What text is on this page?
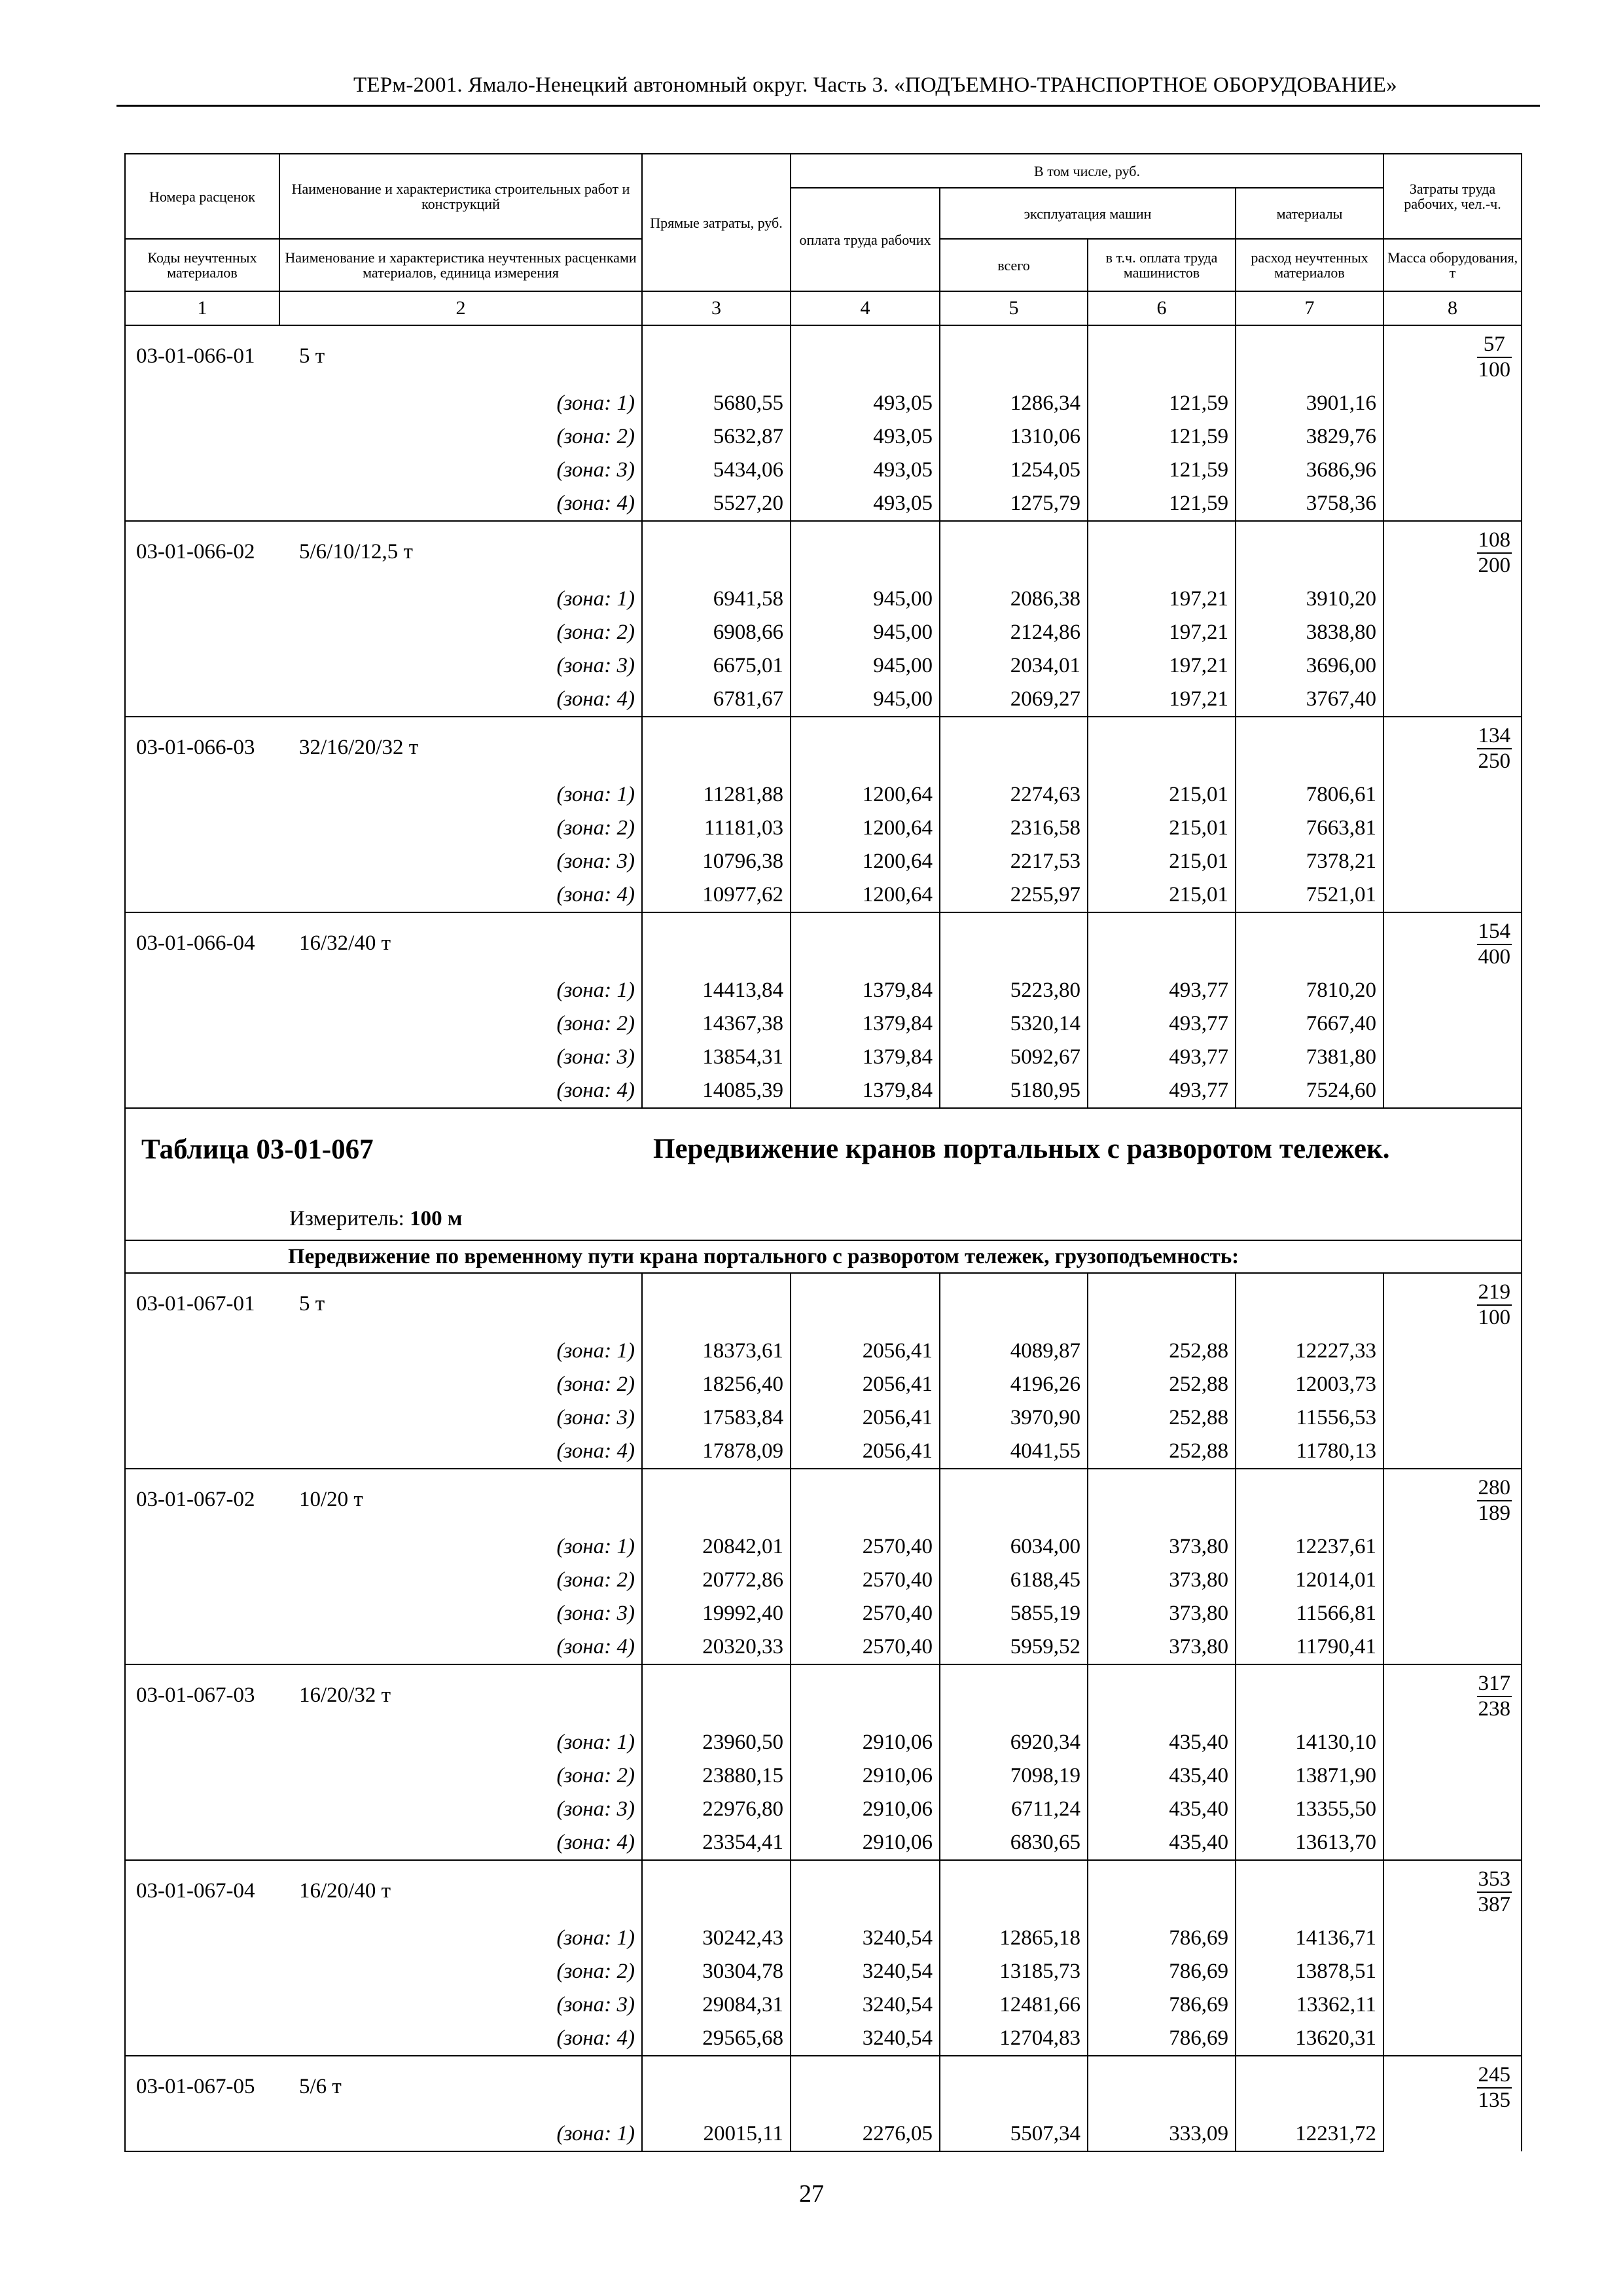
ТЕРм-2001. Ямало-Ненецкий автономный округ. Часть 3. «ПОДЪЕМНО-ТРАНСПОРТНОЕ ОБОРУДОВАНИЕ»
Номера расценок	Наименование и характеристика строительных работ и конструкций	Прямые затраты, руб.	В том числе, руб.				Затраты труда рабочих, чел.-ч.
			оплата труда рабочих	эксплуатация машин		материалы	
Коды неучтенных материалов	Наименование и характеристика неучтенных расценками материалов, единица измерения			всего	в т.ч. оплата труда машинистов	расход неучтенных материалов	Масса оборудования, т
1	2	3	4	5	6	7	8
03-01-066-01	5 т						$\frac{57}{100}$

	(зона: 1)	5680,55	493,05	1286,34	121,59	3901,16	
	(зона: 2)	5632,87	493,05	1310,06	121,59	3829,76	
	(зона: 3)	5434,06	493,05	1254,05	121,59	3686,96	
	(зона: 4)	5527,20	493,05	1275,79	121,59	3758,36	
03-01-066-02	5/6/10/12,5 т						$\frac{108}{200}$

	(зона: 1)	6941,58	945,00	2086,38	197,21	3910,20	
	(зона: 2)	6908,66	945,00	2124,86	197,21	3838,80	
	(зона: 3)	6675,01	945,00	2034,01	197,21	3696,00	
	(зона: 4)	6781,67	945,00	2069,27	197,21	3767,40	
03-01-066-03	32/16/20/32 т						$\frac{134}{250}$

	(зона: 1)	11281,88	1200,64	2274,63	215,01	7806,61	
	(зона: 2)	11181,03	1200,64	2316,58	215,01	7663,81	
	(зона: 3)	10796,38	1200,64	2217,53	215,01	7378,21	
	(зона: 4)	10977,62	1200,64	2255,97	215,01	7521,01	
03-01-066-04	16/32/40 т						$\frac{154}{400}$

	(зона: 1)	14413,84	1379,84	5223,80	493,77	7810,20	
	(зона: 2)	14367,38	1379,84	5320,14	493,77	7667,40	
	(зона: 3)	13854,31	1379,84	5092,67	493,77	7381,80	
	(зона: 4)	14085,39	1379,84	5180,95	493,77	7524,60	

Таблица 03-01-067 Передвижение кранов портальных с разворотом тележек.
Измеритель: 100 м							

Передвижение по временному пути крана портального с разворотом тележек, грузоподъемность:							
03-01-067-01	5 т						$\frac{219}{100}$

	(зона: 1)	18373,61	2056,41	4089,87	252,88	12227,33	
	(зона: 2)	18256,40	2056,41	4196,26	252,88	12003,73	
	(зона: 3)	17583,84	2056,41	3970,90	252,88	11556,53	
	(зона: 4)	17878,09	2056,41	4041,55	252,88	11780,13	
03-01-067-02	10/20 т						$\frac{280}{189}$

	(зона: 1)	20842,01	2570,40	6034,00	373,80	12237,61	
	(зона: 2)	20772,86	2570,40	6188,45	373,80	12014,01	
	(зона: 3)	19992,40	2570,40	5855,19	373,80	11566,81	
	(зона: 4)	20320,33	2570,40	5959,52	373,80	11790,41	
03-01-067-03	16/20/32 т						$\frac{317}{238}$

	(зона: 1)	23960,50	2910,06	6920,34	435,40	14130,10	
	(зона: 2)	23880,15	2910,06	7098,19	435,40	13871,90	
	(зона: 3)	22976,80	2910,06	6711,24	435,40	13355,50	
	(зона: 4)	23354,41	2910,06	6830,65	435,40	13613,70	
03-01-067-04	16/20/40 т						$\frac{353}{387}$

	(зона: 1)	30242,43	3240,54	12865,18	786,69	14136,71	
	(зона: 2)	30304,78	3240,54	13185,73	786,69	13878,51	
	(зона: 3)	29084,31	3240,54	12481,66	786,69	13362,11	
	(зона: 4)	29565,68	3240,54	12704,83	786,69	13620,31	
03-01-067-05	5/6 т						$\frac{245}{135}$

	(зона: 1)	20015,11	2276,05	5507,34	333,09	12231,72	
27
